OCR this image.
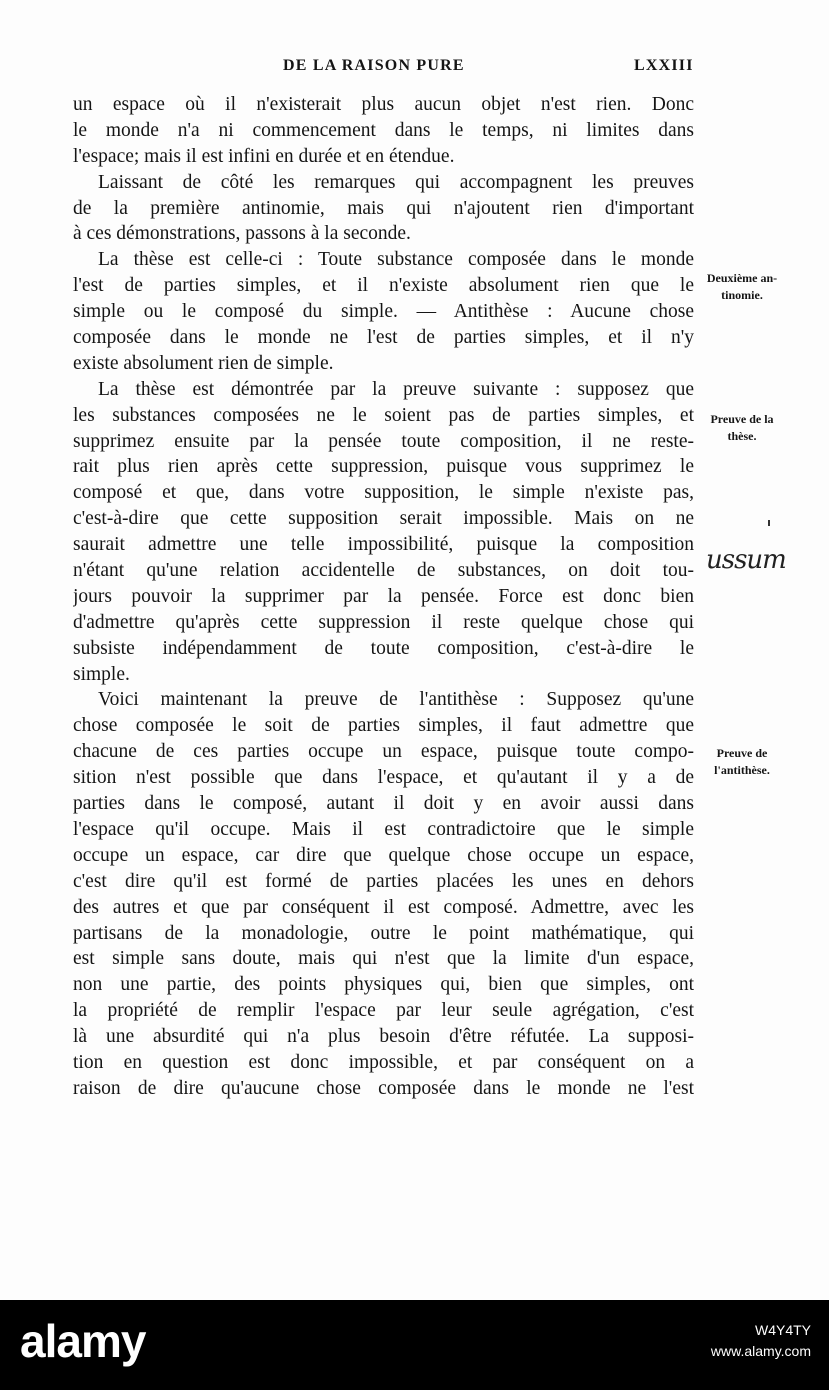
DE LA RAISON PURE	LXXIII

un espace où il n'existerait plus aucun objet n'est rien. Donc
le monde n'a ni commencement dans le temps, ni limites dans
l'espace; mais il est infini en durée et en étendue.

Laissant de côté les remarques qui accompagnent les preuves
de la première antinomie, mais qui n'ajoutent rien d'important
à ces démonstrations, passons à la seconde.

La thèse est celle-ci : Toute substance composée dans le monde
l'est de parties simples, et il n'existe absolument rien que le
simple ou le composé du simple. — Antithèse : Aucune chose
composée dans le monde ne l'est de parties simples, et il n'y
existe absolument rien de simple.

La thèse est démontrée par la preuve suivante : supposez que
les substances composées ne le soient pas de parties simples, et
supprimez ensuite par la pensée toute composition, il ne reste-
rait plus rien après cette suppression, puisque vous supprimez le
composé et que, dans votre supposition, le simple n'existe pas,
c'est-à-dire que cette supposition serait impossible. Mais on ne
saurait admettre une telle impossibilité, puisque la composition
n'étant qu'une relation accidentelle de substances, on doit tou-
jours pouvoir la supprimer par la pensée. Force est donc bien
d'admettre qu'après cette suppression il reste quelque chose qui
subsiste indépendamment de toute composition, c'est-à-dire le
simple.

Voici maintenant la preuve de l'antithèse : Supposez qu'une
chose composée le soit de parties simples, il faut admettre que
chacune de ces parties occupe un espace, puisque toute compo-
sition n'est possible que dans l'espace, et qu'autant il y a de
parties dans le composé, autant il doit y en avoir aussi dans
l'espace qu'il occupe. Mais il est contradictoire que le simple
occupe un espace, car dire que quelque chose occupe un espace,
c'est dire qu'il est formé de parties placées les unes en dehors
des autres et que par conséquent il est composé. Admettre, avec les
partisans de la monadologie, outre le point mathématique, qui
est simple sans doute, mais qui n'est que la limite d'un espace,
non une partie, des points physiques qui, bien que simples, ont
la propriété de remplir l'espace par leur seule agrégation, c'est
là une absurdité qui n'a plus besoin d'être réfutée. La supposi-
tion en question est donc impossible, et par conséquent on a
raison de dire qu'aucune chose composée dans le monde ne l'est

Deuxième an-
tinomie.
Preuve de la
thèse.
ussum
Preuve de
l'antithèse.
alamy	W4Y4TY
www.alamy.com
